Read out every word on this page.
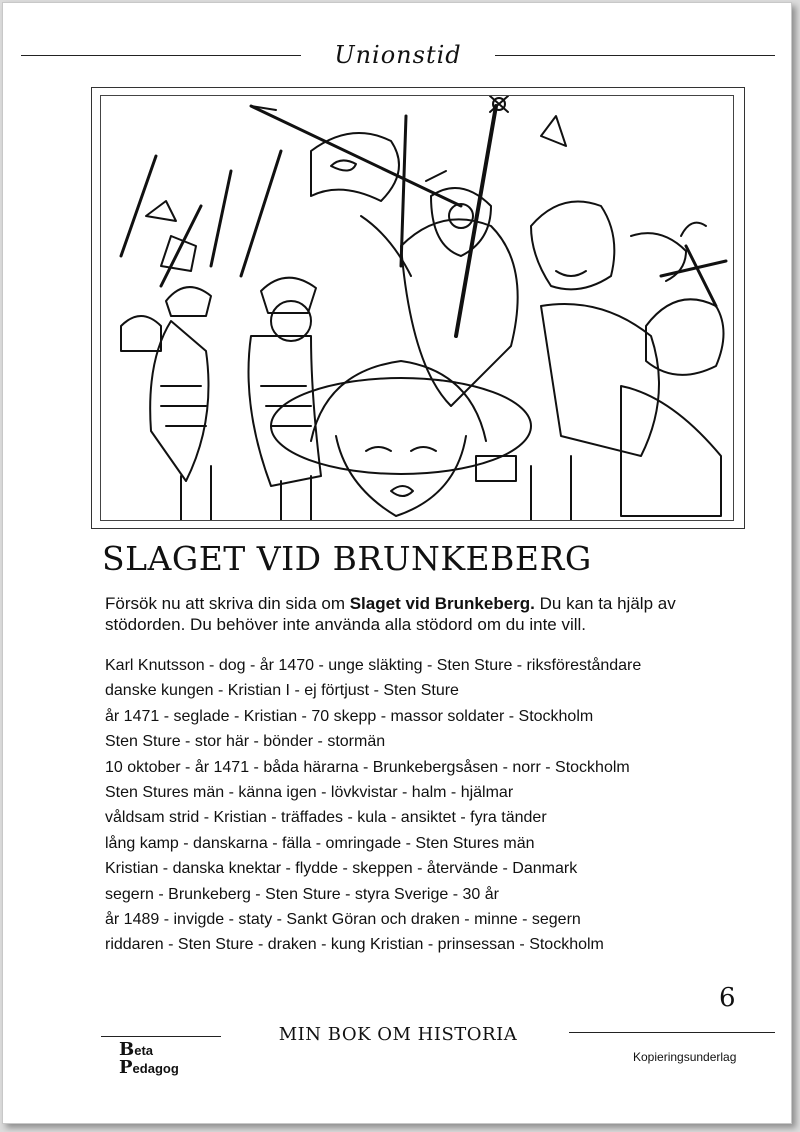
Unionstid
SLAGET VID BRUNKEBERG

Försök nu att skriva din sida om Slaget vid Brunkeberg. Du kan ta hjälp av stödorden. Du behöver inte använda alla stödord om du inte vill.

Karl Knutsson - dog - år 1470 - unge släkting - Sten Sture - riksföreståndare
danske kungen - Kristian I - ej förtjust - Sten Sture
år 1471 - seglade - Kristian - 70 skepp - massor soldater - Stockholm
Sten Sture - stor här - bönder - stormän
10 oktober - år 1471 - båda härarna - Brunkebergsåsen - norr - Stockholm
Sten Stures män - känna igen - lövkvistar - halm - hjälmar
våldsam strid - Kristian - träffades - kula - ansiktet - fyra tänder
lång kamp - danskarna - fälla - omringade - Sten Stures män
Kristian - danska knektar - flydde - skeppen - återvände - Danmark
segern - Brunkeberg - Sten Sture - styra Sverige - 30 år
år 1489 - invigde - staty - Sankt Göran och draken - minne - segern
riddaren - Sten Sture - draken - kung Kristian - prinsessan - Stockholm
6
MIN BOK OM HISTORIA
Beta
Pedagog
Kopieringsunderlag
